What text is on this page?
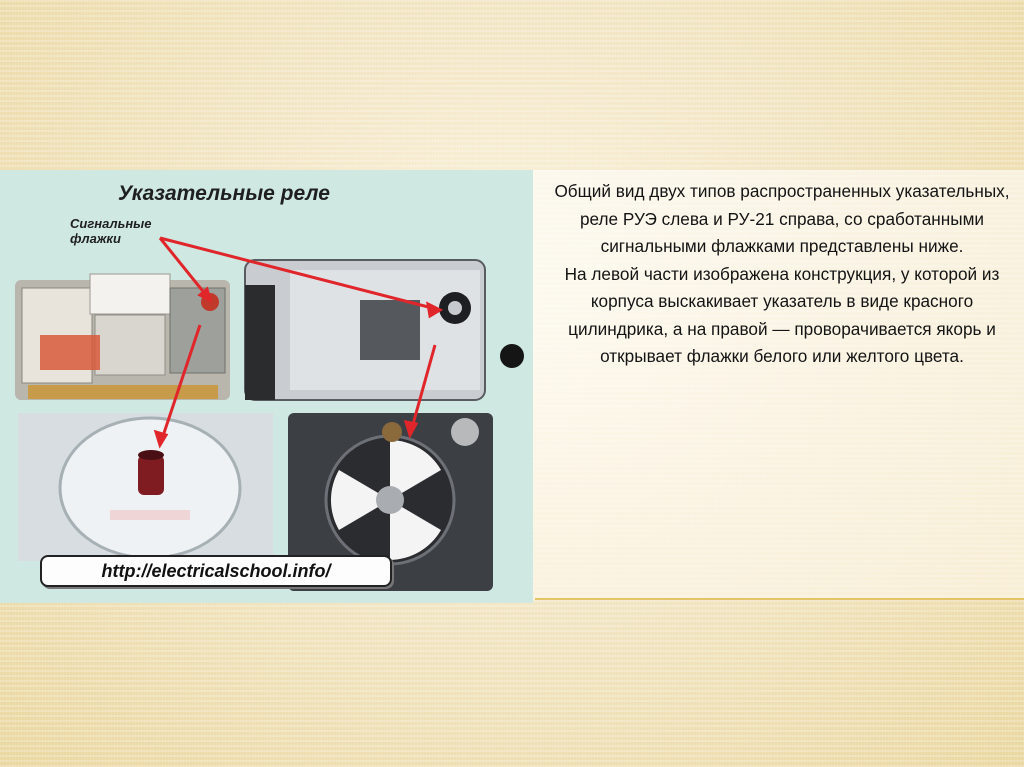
Указательные реле
Сигнальные флажки
http://electricalschool.info/

Общий вид двух типов распространенных указательных, реле РУЭ слева и РУ-21 справа, со сработанными сигнальными флажками представлены ниже.

На левой части изображена конструкция, у которой из корпуса выскакивает указатель в виде красного цилиндрика, а на правой — проворачивается якорь и открывает флажки белого или желтого цвета.
